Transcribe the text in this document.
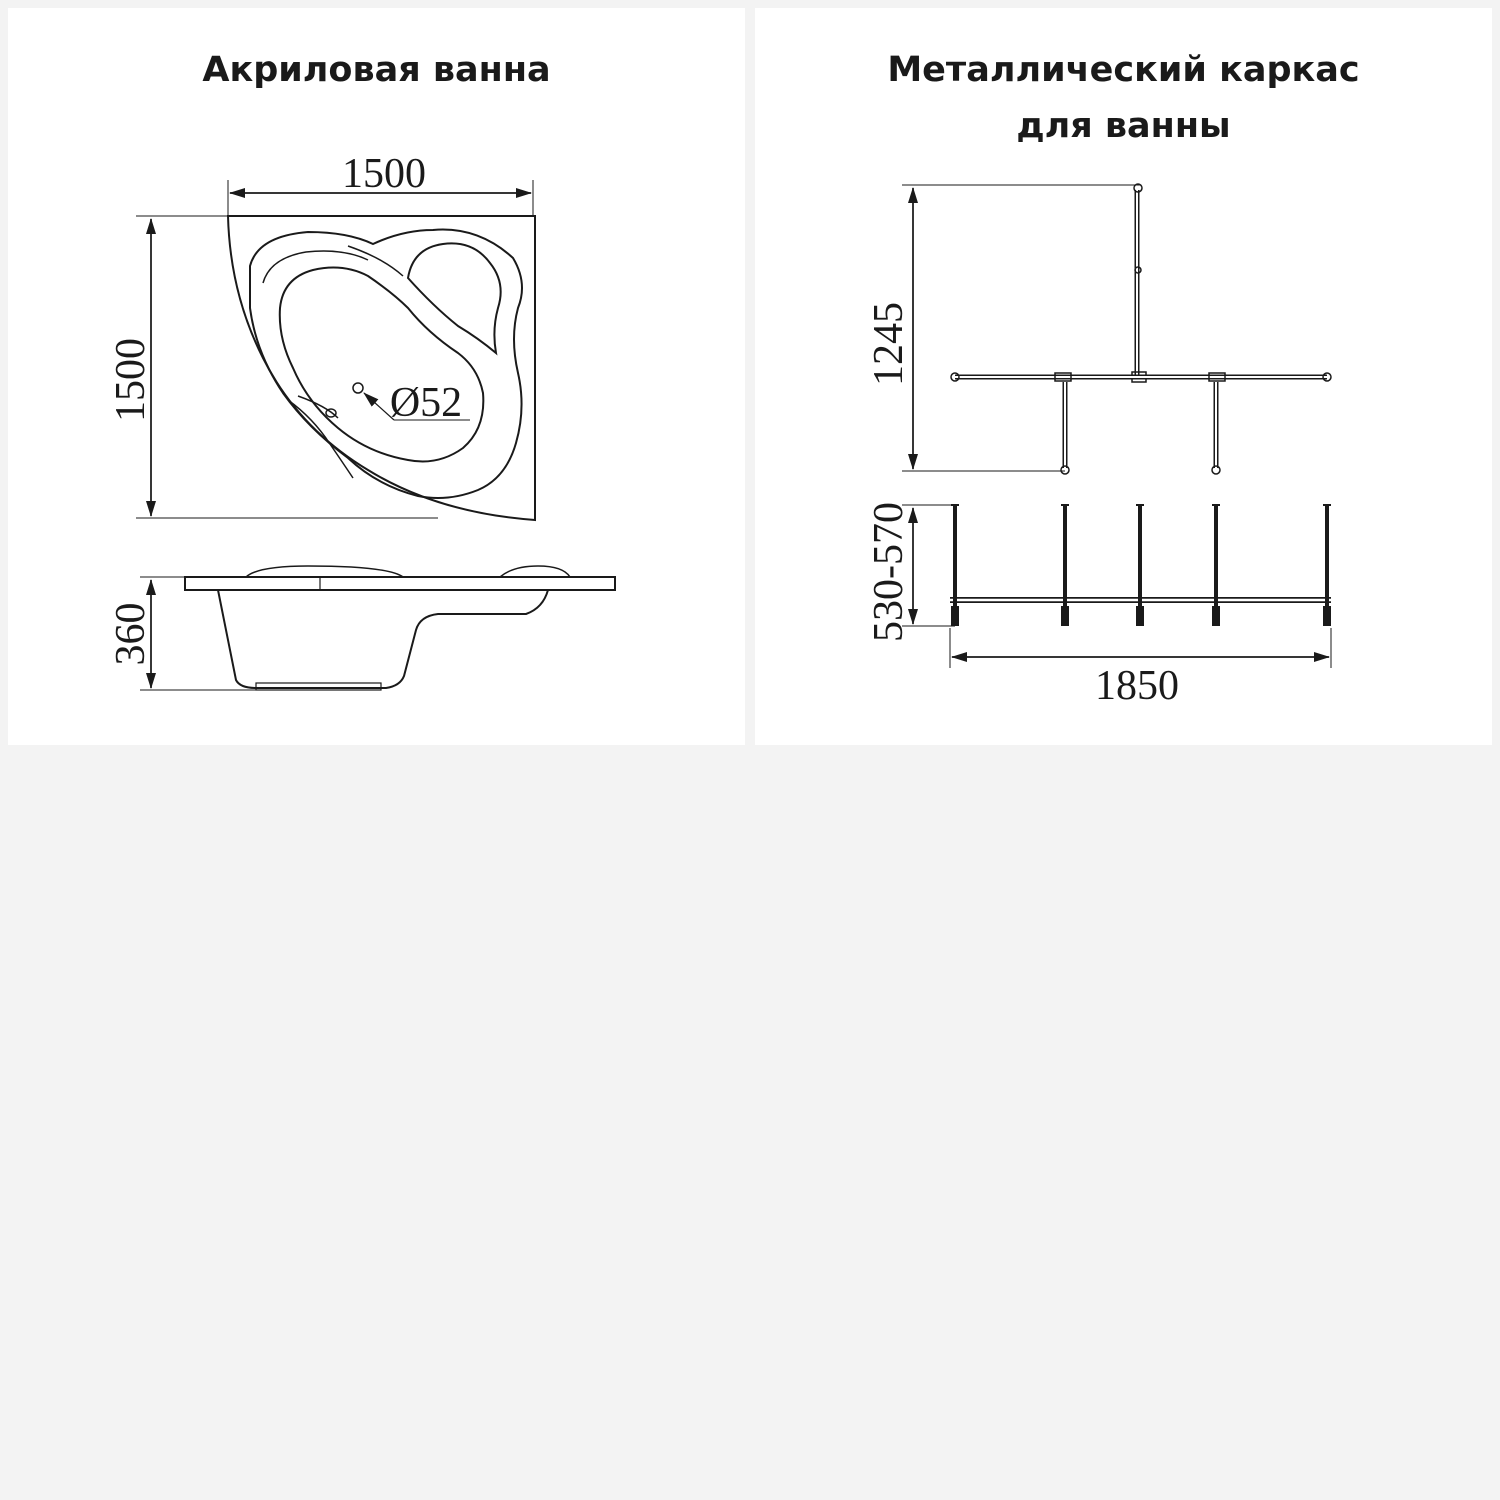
Акриловая ванна
1500
1500	Ø52
360
Металлический каркас
для ванны
1245
530-570
1850
